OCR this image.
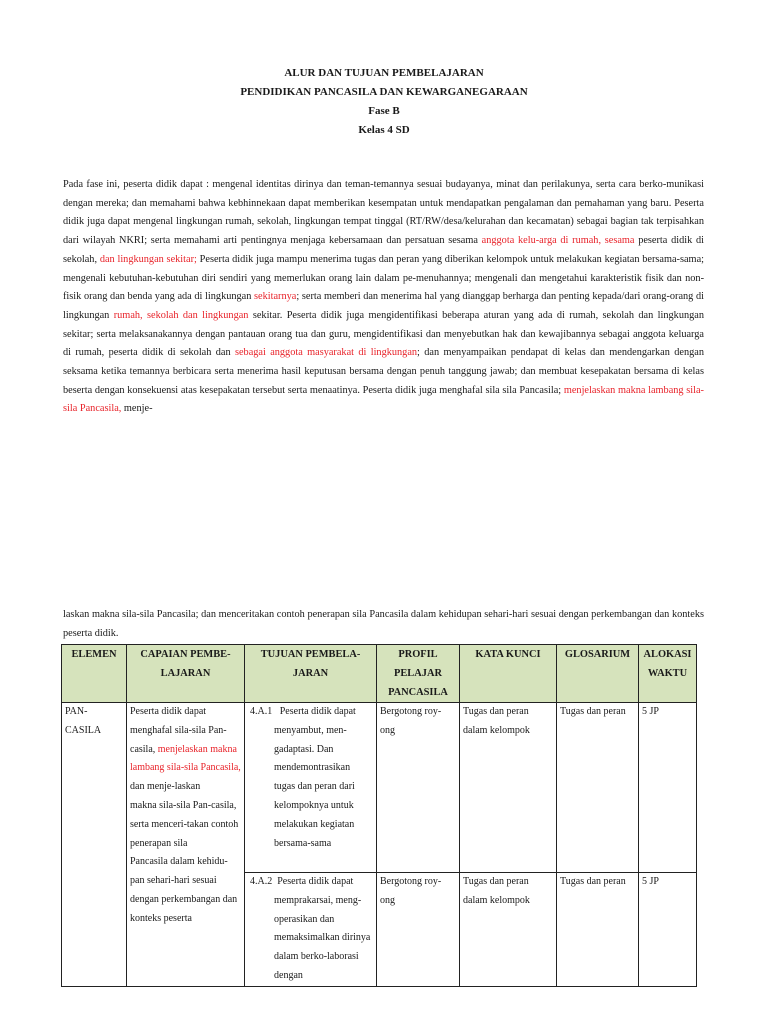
ALUR DAN TUJUAN PEMBELAJARAN
PENDIDIKAN PANCASILA DAN KEWARGANEGARAAN
Fase B
Kelas 4 SD

Pada fase ini, peserta didik dapat : mengenal identitas dirinya dan teman-temannya sesuai budayanya, minat dan perilakunya, serta cara berko-munikasi dengan mereka; dan memahami bahwa kebhinnekaan dapat memberikan kesempatan untuk mendapatkan pengalaman dan pemahaman yang baru. Peserta didik juga dapat mengenal lingkungan rumah, sekolah, lingkungan tempat tinggal (RT/RW/desa/kelurahan dan kecamatan) sebagai bagian tak terpisahkan dari wilayah NKRI; serta memahami arti pentingnya menjaga kebersamaan dan persatuan sesama anggota kelu-arga di rumah, sesama peserta didik di sekolah, dan lingkungan sekitar; Peserta didik juga mampu menerima tugas dan peran yang diberikan kelompok untuk melakukan kegiatan bersama-sama; mengenali kebutuhan-kebutuhan diri sendiri yang memerlukan orang lain dalam pe-menuhannya; mengenali dan mengetahui karakteristik fisik dan non-fisik orang dan benda yang ada di lingkungan sekitarnya; serta memberi dan menerima hal yang dianggap berharga dan penting kepada/dari orang-orang di lingkungan rumah, sekolah dan lingkungan sekitar. Peserta didik juga mengidentifikasi beberapa aturan yang ada di rumah, sekolah dan lingkungan sekitar; serta melaksanakannya dengan pantauan orang tua dan guru, mengidentifikasi dan menyebutkan hak dan kewajibannya sebagai anggota keluarga di rumah, peserta didik di sekolah dan sebagai anggota masyarakat di lingkungan; dan menyampaikan pendapat di kelas dan mendengarkan dengan seksama ketika temannya berbicara serta menerima hasil keputusan bersama dengan penuh tanggung jawab; dan membuat kesepakatan bersama di kelas beserta dengan konsekuensi atas kesepakatan tersebut serta menaatinya. Peserta didik juga menghafal sila sila Pancasila; menjelaskan makna lambang sila-sila Pancasila, menje-

laskan makna sila-sila Pancasila; dan menceritakan contoh penerapan sila Pancasila dalam kehidupan sehari-hari sesuai dengan perkembangan dan konteks peserta didik.

ELEMEN	CAPAIAN PEMBE-LAJARAN	TUJUAN PEMBELA-JARAN	PROFIL PELAJAR PANCASILA	KATA KUNCI	GLOSARIUM	ALOKASI WAKTU
PAN-CASILA	Peserta didik dapat menghafal sila-sila Pan-casila, menjelaskan makna lambang sila-sila Pancasila, dan menje-laskan
makna sila-sila Pan-casila, serta menceri-takan contoh penerapan sila
Pancasila dalam kehidu-pan sehari-hari sesuai dengan perkembangan dan konteks peserta	4.A.1 Peserta didik dapat menyambut, men-gadaptasi. Dan mendemontrasikan tugas dan peran dari kelompoknya untuk melakukan kegiatan bersama-sama	Bergotong roy-ong	Tugas dan peran dalam kelompok	Tugas dan peran	5 JP

		4.A.2 Peserta didik dapat memprakarsai, meng-operasikan dan memaksimalkan dirinya dalam berko-laborasi dengan	Bergotong roy-ong	Tugas dan peran dalam kelompok	Tugas dan peran	5 JP
